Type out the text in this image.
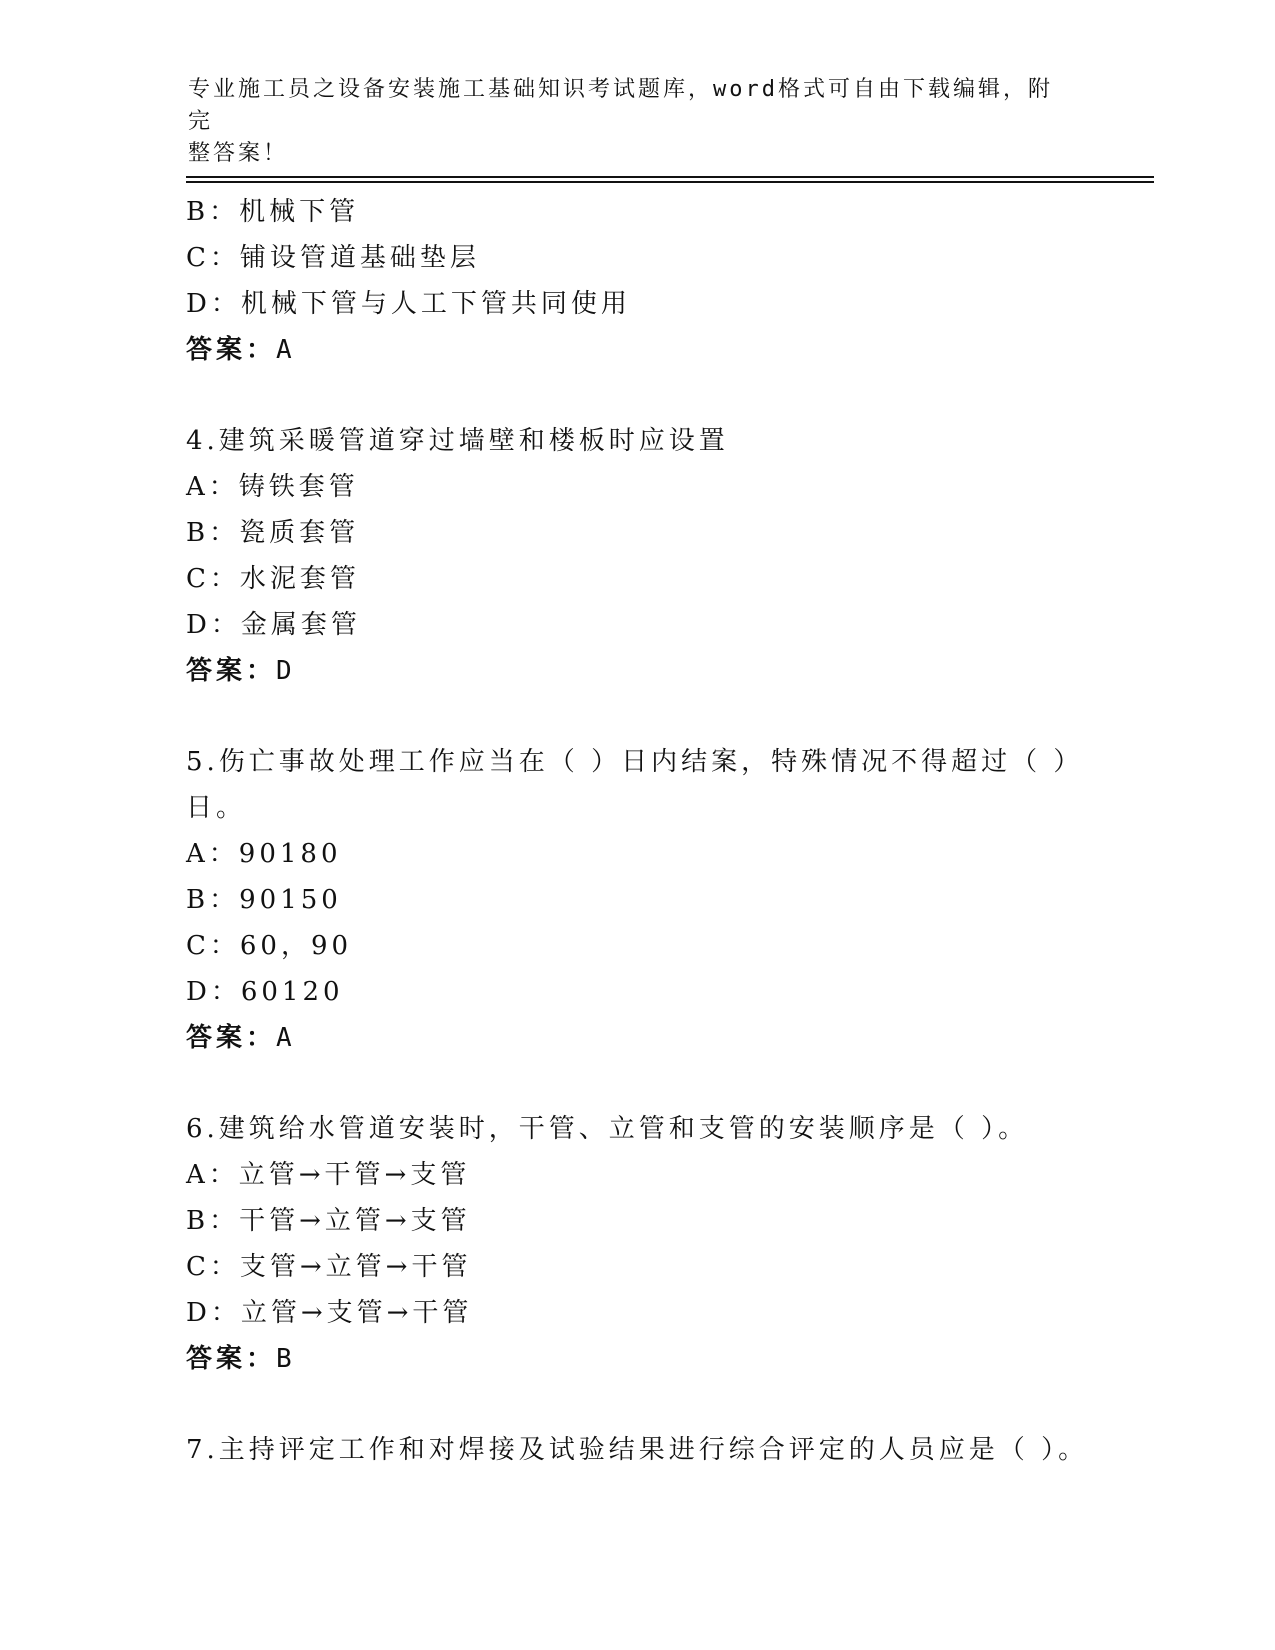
专业施工员之设备安装施工基础知识考试题库，word格式可自由下载编辑，附完
整答案！
B：机械下管
C：铺设管道基础垫层
D：机械下管与人工下管共同使用
答案：A
4.建筑采暖管道穿过墙壁和楼板时应设置
A：铸铁套管
B：瓷质套管
C：水泥套管
D：金属套管
答案：D
5.伤亡事故处理工作应当在（ ）日内结案，特殊情况不得超过（ ）
日。
A：90180
B：90150
C：60，90
D：60120
答案：A
6.建筑给水管道安装时，干管、立管和支管的安装顺序是（ ）。
A：立管→干管→支管
B：干管→立管→支管
C：支管→立管→干管
D：立管→支管→干管
答案：B
7.主持评定工作和对焊接及试验结果进行综合评定的人员应是（ ）。
